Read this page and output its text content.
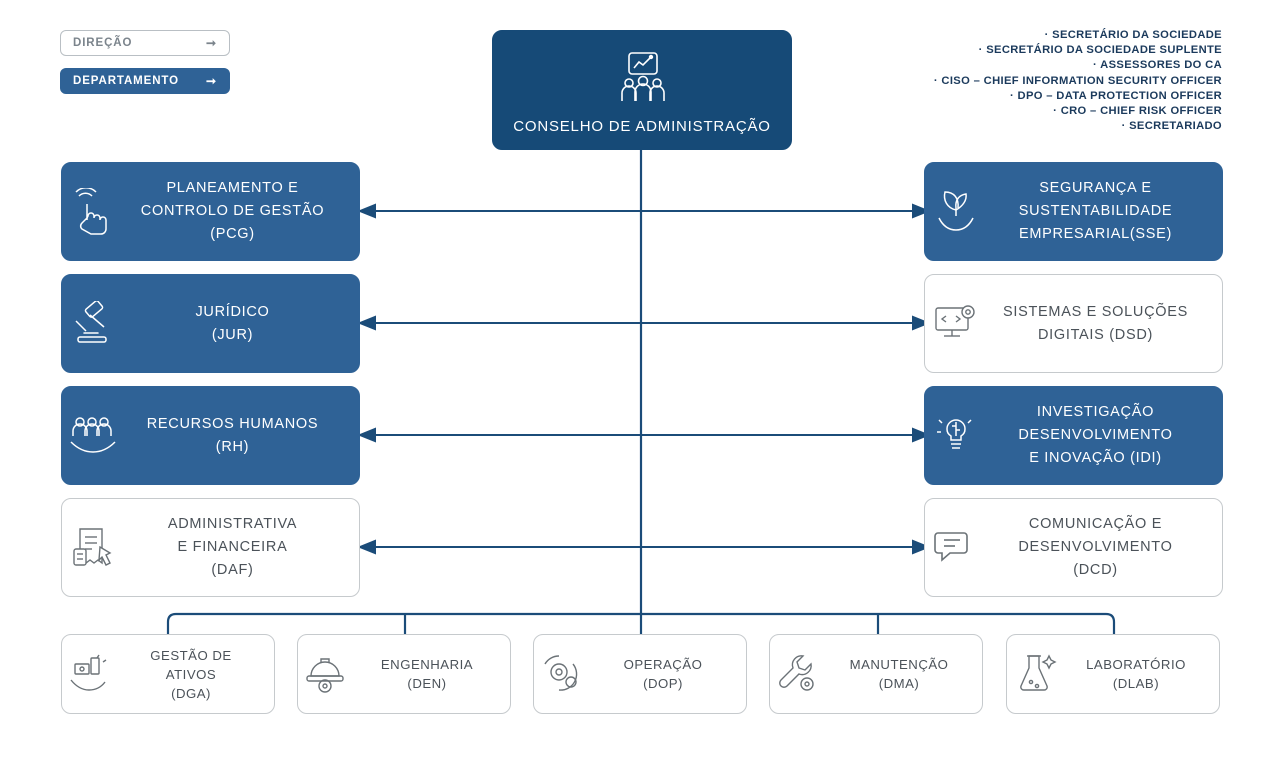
DIREÇÃO	➞
DEPARTAMENTO ➞
· SECRETÁRIO DA SOCIEDADE
· SECRETÁRIO DA SOCIEDADE SUPLENTE
· ASSESSORES DO CA
· CISO – CHIEF INFORMATION SECURITY OFFICER
· DPO – DATA PROTECTION OFFICER
· CRO – CHIEF RISK OFFICER
· SECRETARIADO
CONSELHO DE ADMINISTRAÇÃO
PLANEAMENTO E
CONTROLO DE GESTÃO
(PCG)
JURÍDICO
(JUR)
RECURSOS HUMANOS
(RH)
ADMINISTRATIVA
E FINANCEIRA
(DAF)
SEGURANÇA E
SUSTENTABILIDADE
EMPRESARIAL(SSE)
SISTEMAS E SOLUÇÕES
DIGITAIS (DSD)
INVESTIGAÇÃO
DESENVOLVIMENTO
E INOVAÇÃO (IDI)
COMUNICAÇÃO E
DESENVOLVIMENTO
(DCD)
GESTÃO DE
ATIVOS
(DGA)
ENGENHARIA
(DEN)
OPERAÇÃO
(DOP)
MANUTENÇÃO
(DMA)
LABORATÓRIO
(DLAB)
